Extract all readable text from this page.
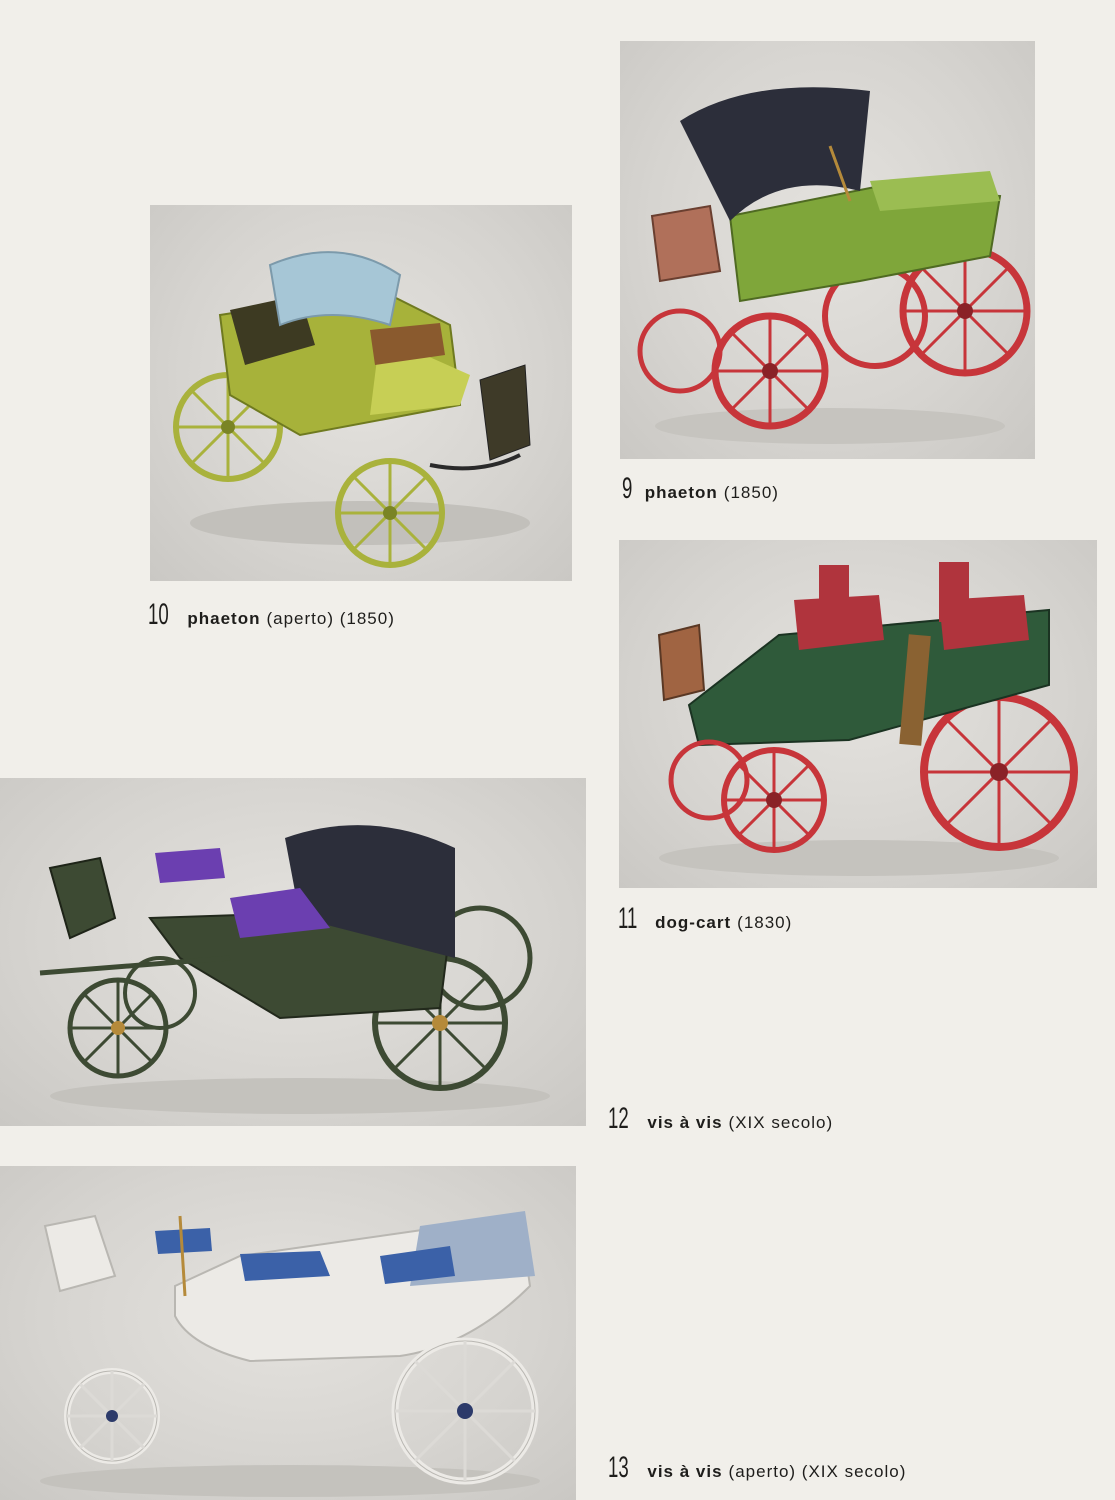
10 phaeton (aperto) (1850)
9 phaeton (1850)
11 dog-cart (1830)
12 vis à vis (XIX secolo)
13 vis à vis (aperto) (XIX secolo)
